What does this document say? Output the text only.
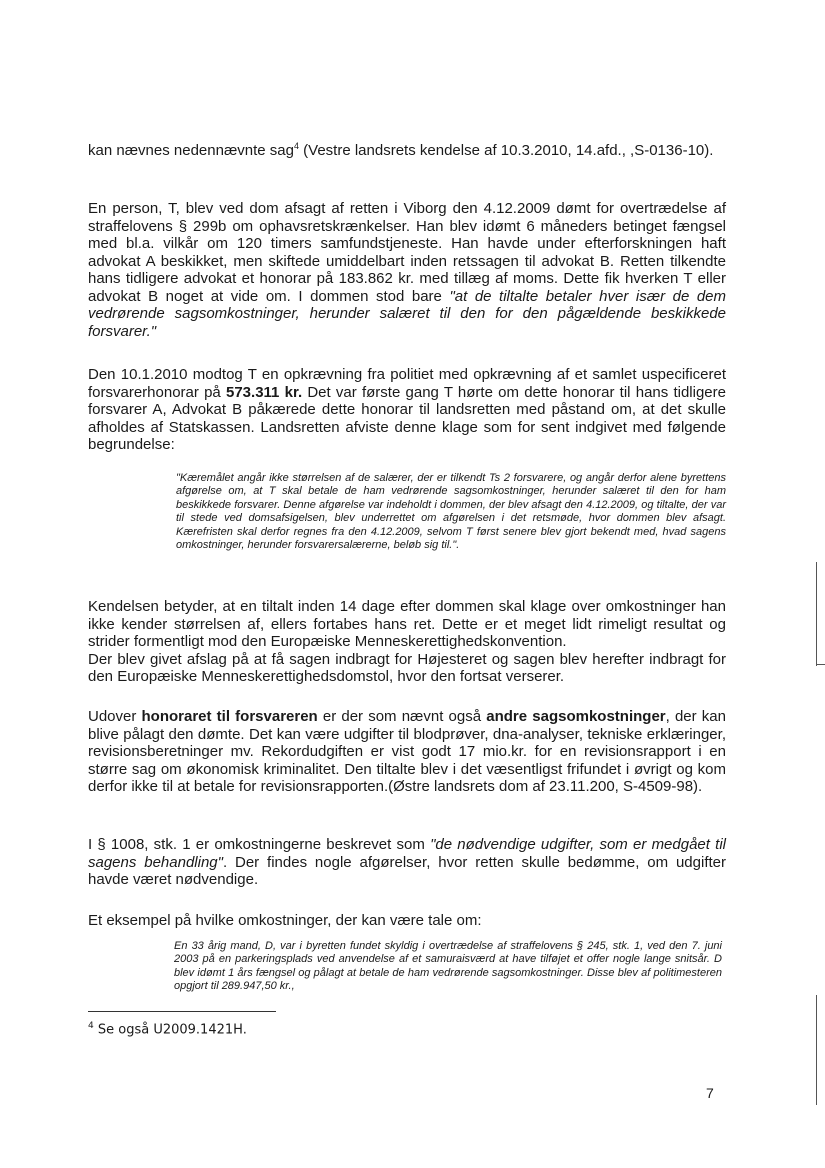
kan nævnes nedennævnte sag$^4$ (Vestre landsrets kendelse af 10.3.2010, 14.afd., ,S-0136-10).

En person, T, blev ved dom afsagt af retten i Viborg den 4.12.2009 dømt for overtrædelse af straffelovens § 299b om ophavsretskrænkelser. Han blev idømt 6 måneders betinget fængsel med bl.a. vilkår om 120 timers samfundstjeneste. Han havde under efterforskningen haft advokat A beskikket, men skiftede umiddelbart inden retssagen til advokat B. Retten tilkendte hans tidligere advokat et honorar på 183.862 kr. med tillæg af moms. Dette fik hverken T eller advokat B noget at vide om. I dommen stod bare "at de tiltalte betaler hver især de dem vedrørende sagsomkostninger, herunder salæret til den for den pågældende beskikkede forsvarer."

Den 10.1.2010 modtog T en opkrævning fra politiet med opkrævning af et samlet uspecificeret forsvarerhonorar på 573.311 kr. Det var første gang T hørte om dette honorar til hans tidligere forsvarer A, Advokat B påkærede dette honorar til landsretten med påstand om, at det skulle afholdes af Statskassen. Landsretten afviste denne klage som for sent indgivet med følgende begrundelse:

"Kæremålet angår ikke størrelsen af de salærer, der er tilkendt Ts 2 forsvarere, og angår derfor alene byrettens afgørelse om, at T skal betale de ham vedrørende sagsomkostninger, herunder salæret til den for ham beskikkede forsvarer. Denne afgørelse var indeholdt i dommen, der blev afsagt den 4.12.2009, og tiltalte, der var til stede ved domsafsigelsen, blev underrettet om afgørelsen i det retsmøde, hvor dommen blev afsagt. Kærefristen skal derfor regnes fra den 4.12.2009, selvom T først senere blev gjort bekendt med, hvad sagens omkostninger, herunder forsvarersalærerne, beløb sig til.".

Kendelsen betyder, at en tiltalt inden 14 dage efter dommen skal klage over omkostninger han ikke kender størrelsen af, ellers fortabes hans ret. Dette er et meget lidt rimeligt resultat og strider formentligt mod den Europæiske Menneskerettighedskonvention.
Der blev givet afslag på at få sagen indbragt for Højesteret og sagen blev herefter indbragt for den Europæiske Menneskerettighedsdomstol, hvor den fortsat verserer.

Udover honoraret til forsvareren er der som nævnt også andre sagsomkostninger, der kan blive pålagt den dømte. Det kan være udgifter til blodprøver, dna-analyser, tekniske erklæringer, revisionsberetninger mv. Rekordudgiften er vist godt 17 mio.kr. for en revisionsrapport i en større sag om økonomisk kriminalitet. Den tiltalte blev i det væsentligst frifundet i øvrigt og kom derfor ikke til at betale for revisionsrapporten.(Østre landsrets dom af 23.11.200, S-4509-98).

I § 1008, stk. 1 er omkostningerne beskrevet som "de nødvendige udgifter, som er medgået til sagens behandling". Der findes nogle afgørelser, hvor retten skulle bedømme, om udgifter havde været nødvendige.

Et eksempel på hvilke omkostninger, der kan være tale om:

En 33 årig mand, D, var i byretten fundet skyldig i overtrædelse af straffelovens § 245, stk. 1, ved den 7. juni 2003 på en parkeringsplads ved anvendelse af et samuraisværd at have tilføjet et offer nogle lange snitsår. D blev idømt 1 års fængsel og pålagt at betale de ham vedrørende sagsomkostninger. Disse blev af politimesteren opgjort til 289.947,50 kr.,

$^4$ Se også U2009.1421H.
7
